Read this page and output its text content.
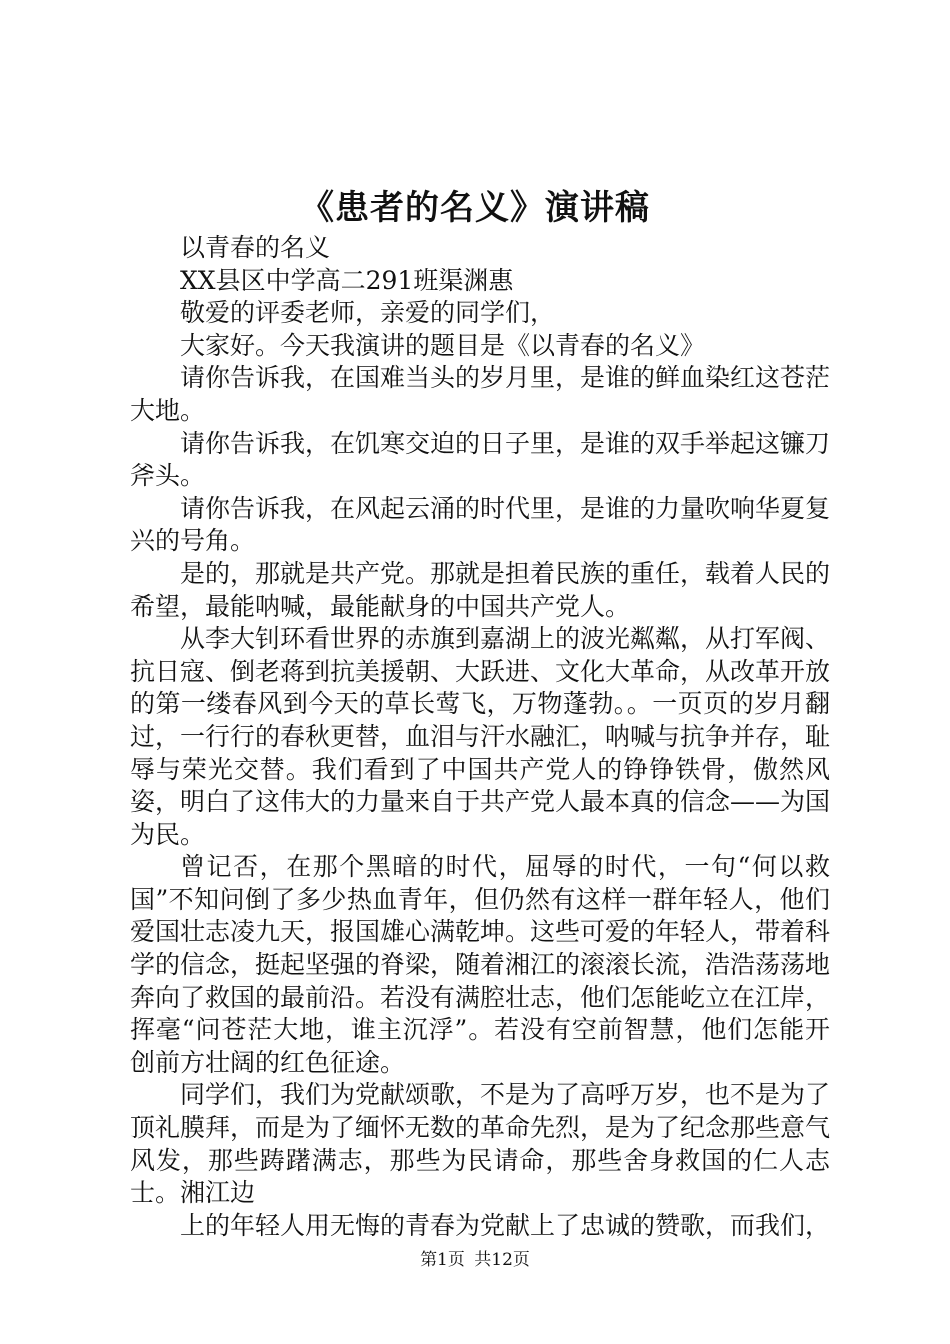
《患者的名义》演讲稿

以青春的名义

XX县区中学高二291班渠渊惠

敬爱的评委老师，亲爱的同学们，

大家好。今天我演讲的题目是《以青春的名义》

请你告诉我，在国难当头的岁月里，是谁的鲜血染红这苍茫大地。

请你告诉我，在饥寒交迫的日子里，是谁的双手举起这镰刀斧头。

请你告诉我，在风起云涌的时代里，是谁的力量吹响华夏复兴的号角。

是的，那就是共产党。那就是担着民族的重任，载着人民的希望，最能呐喊，最能献身的中国共产党人。

从李大钊环看世界的赤旗到嘉湖上的波光粼粼，从打军阀、抗日寇、倒老蒋到抗美援朝、大跃进、文化大革命，从改革开放的第一缕春风到今天的草长莺飞，万物蓬勃。。一页页的岁月翻过，一行行的春秋更替，血泪与汗水融汇，呐喊与抗争并存，耻辱与荣光交替。我们看到了中国共产党人的铮铮铁骨，傲然风姿，明白了这伟大的力量来自于共产党人最本真的信念——为国为民。

曾记否，在那个黑暗的时代，屈辱的时代，一句“何以救国”不知问倒了多少热血青年，但仍然有这样一群年轻人，他们爱国壮志凌九天，报国雄心满乾坤。这些可爱的年轻人，带着科学的信念，挺起坚强的脊梁，随着湘江的滚滚长流，浩浩荡荡地奔向了救国的最前沿。若没有满腔壮志，他们怎能屹立在江岸，挥毫“问苍茫大地，谁主沉浮”。若没有空前智慧，他们怎能开创前方壮阔的红色征途。

同学们，我们为党献颂歌，不是为了高呼万岁，也不是为了顶礼膜拜，而是为了缅怀无数的革命先烈，是为了纪念那些意气风发，那些踌躇满志，那些为民请命，那些舍身救国的仁人志士。湘江边

上的年轻人用无悔的青春为党献上了忠诚的赞歌，而我们，

第1页 共12页
